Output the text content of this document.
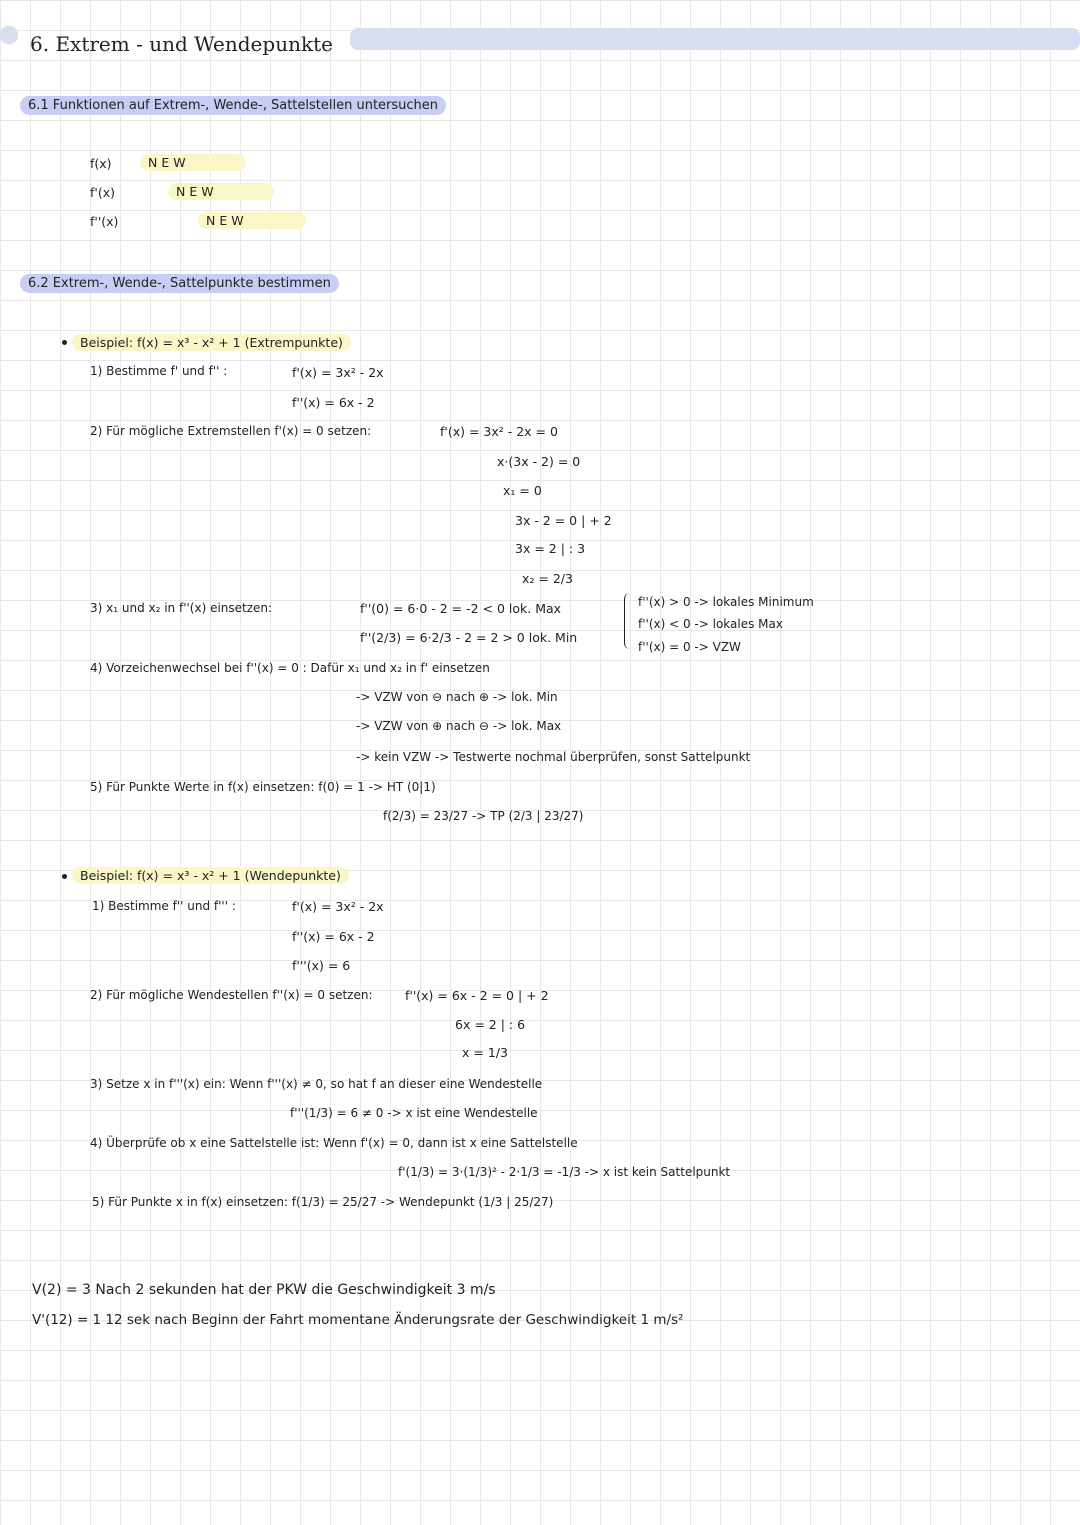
6. Extrem - und Wendepunkte
6.1 Funktionen auf Extrem-, Wende-, Sattelstellen untersuchen
f(x)	N E W
f'(x)	N E W
f''(x)	N E W
6.2 Extrem-, Wende-, Sattelpunkte bestimmen
Beispiel: f(x) = x³ - x² + 1 (Extrempunkte)
1) Bestimme f' und f'' :	f'(x) = 3x² - 2x
f''(x) = 6x - 2
2) Für mögliche Extremstellen f'(x) = 0 setzen:	f'(x) = 3x² - 2x = 0
x·(3x - 2) = 0
x₁ = 0
3x - 2 = 0 | + 2
3x = 2 | : 3
x₂ = 2/3
3) x₁ und x₂ in f''(x) einsetzen:	f''(0) = 6·0 - 2 = -2 < 0 lok. Max
f''(2/3) = 6·2/3 - 2 = 2 > 0 lok. Min
f''(x) > 0 -> lokales Minimum
f''(x) < 0 -> lokales Max
f''(x) = 0 -> VZW
4) Vorzeichenwechsel bei f''(x) = 0 : Dafür x₁ und x₂ in f' einsetzen
-> VZW von ⊖ nach ⊕ -> lok. Min
-> VZW von ⊕ nach ⊖ -> lok. Max
-> kein VZW -> Testwerte nochmal überprüfen, sonst Sattelpunkt
5) Für Punkte Werte in f(x) einsetzen: f(0) = 1 -> HT (0|1)
f(2/3) = 23/27 -> TP (2/3 | 23/27)
Beispiel: f(x) = x³ - x² + 1 (Wendepunkte)
1) Bestimme f'' und f''' :	f'(x) = 3x² - 2x
f''(x) = 6x - 2
f'''(x) = 6
2) Für mögliche Wendestellen f''(x) = 0 setzen:	f''(x) = 6x - 2 = 0 | + 2
6x = 2 | : 6
x = 1/3
3) Setze x in f'''(x) ein: Wenn f'''(x) ≠ 0, so hat f an dieser eine Wendestelle
f'''(1/3) = 6 ≠ 0 -> x ist eine Wendestelle
4) Überprüfe ob x eine Sattelstelle ist: Wenn f'(x) = 0, dann ist x eine Sattelstelle
f'(1/3) = 3·(1/3)² - 2·1/3 = -1/3 -> x ist kein Sattelpunkt
5) Für Punkte x in f(x) einsetzen: f(1/3) = 25/27 -> Wendepunkt (1/3 | 25/27)
V(2) = 3 Nach 2 sekunden hat der PKW die Geschwindigkeit 3 m/s
V'(12) = 1 12 sek nach Beginn der Fahrt momentane Änderungsrate der Geschwindigkeit 1 m/s²
